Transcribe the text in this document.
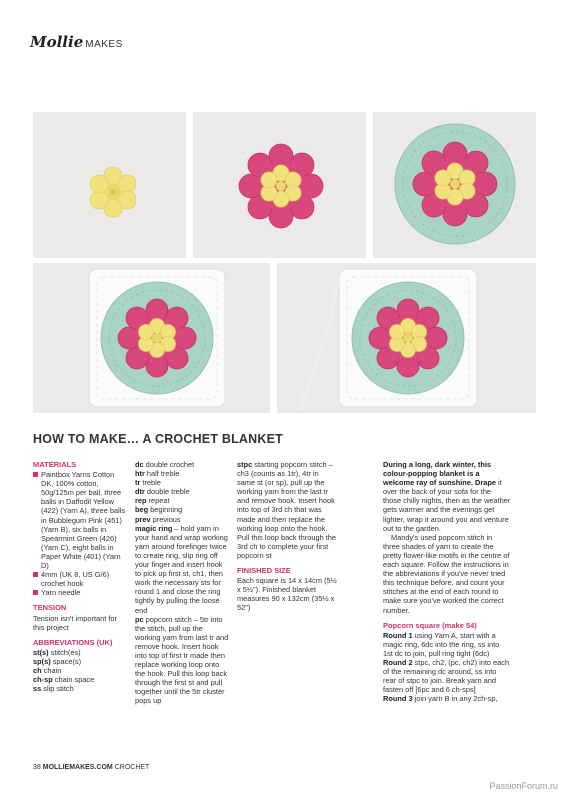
Mollie MAKES
HOW TO MAKE… A CROCHET BLANKET
MATERIALS
Paintbox Yarns Cotton DK, 100% cotton, 50g/125m per ball, three balls in Daffodil Yellow (422) (Yarn A), three balls in Bubblegum Pink (451) (Yarn B), six balls in Spearmint Green (426) (Yarn C), eight balls in Paper White (401) (Yarn D)
4mm (UK 8, US G/6) crochet hook
Yarn needle
TENSION
Tension isn't important for this project
ABBREVIATIONS (UK)
st(s) stitch(es)
sp(s) space(s)
ch chain
ch-sp chain space
ss slip stitch
dc double crochet
htr half treble
tr treble
dtr double treble
rep repeat
beg beginning
prev previous
magic ring – hold yarn in your hand and wrap working yarn around forefinger twice to create ring, slip ring off your finger and insert hook to pick up first st, ch1, then work the necessary sts for round 1 and close the ring tightly by pulling the loose end
pc popcorn stitch – 5tr into the stitch, pull up the working yarn from last tr and remove hook. Insert hook into top of first tr made then replace working loop onto the hook. Pull this loop back through the first st and pull together until the 5tr cluster pops up
stpc starting popcorn stitch – ch3 (counts as 1tr), 4tr in same st (or sp), pull up the working yarn from the last tr and remove hook. Insert hook into top of 3rd ch that was made and then replace the working loop onto the hook. Pull this loop back through the 3rd ch to complete your first popcorn st
FINISHED SIZE
Each square is 14 x 14cm (5½ x 5½"). Finished blanket measures 90 x 132cm (35½ x 52")
During a long, dark winter, this colour-popping blanket is a welcome ray of sunshine. Drape it over the back of your sofa for the those chilly nights, then as the weather gets warmer and the evenings get lighter, wrap it around you and venture out to the garden.
Mandy's used popcorn stitch in three shades of yarn to create the pretty flower-like motifs in the centre of each square. Follow the instructions in the abbreviations if you've never tried this technique before, and count your stitches at the end of each round to make sure you've worked the correct number.
Popcorn square (make 54)
Round 1 using Yarn A, start with a magic ring, 6dc into the ring, ss into 1st dc to join, pull ring tight (6dc)
Round 2 stpc, ch2, (pc, ch2) into each of the remaining dc around, ss into rear of stpc to join. Break yarn and fasten off [6pc and 6 ch-sps]
Round 3 join yarn B in any 2ch-sp,
38 MOLLIEMAKES.COM CROCHET
PassionForum.ru
